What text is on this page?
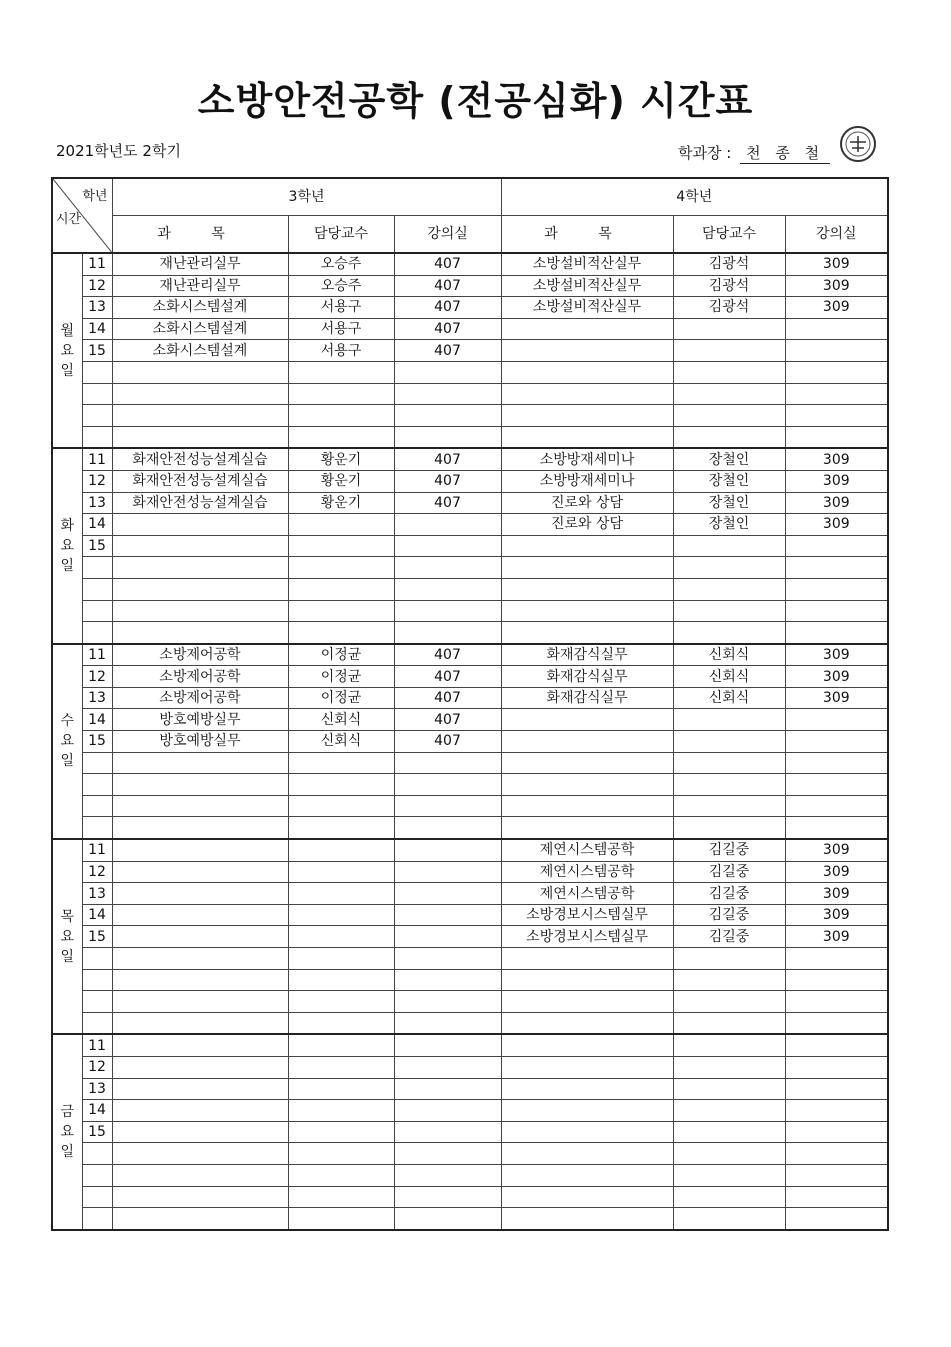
소방안전공학 (전공심화) 시간표
2021학년도 2학기	학과장 : 천 종 철
학년
시간		3학년			4학년		
		과 목	담당교수	강의실	과 목	담당교수	강의실

월
요
일	11	재난관리실무	오승주	407	소방설비적산실무	김광석	309
	12	재난관리실무	오승주	407	소방설비적산실무	김광석	309
	13	소화시스템설계	서용구	407	소방설비적산실무	김광석	309
	14	소화시스템설계	서용구	407			
	15	소화시스템설계	서용구	407			

화
요
일	11	화재안전성능설계실습	황운기	407	소방방재세미나	장철인	309
	12	화재안전성능설계실습	황운기	407	소방방재세미나	장철인	309
	13	화재안전성능설계실습	황운기	407	진로와 상담	장철인	309
	14				진로와 상담	장철인	309
	15						

수
요
일	11	소방제어공학	이정균	407	화재감식실무	신회식	309
	12	소방제어공학	이정균	407	화재감식실무	신회식	309
	13	소방제어공학	이정균	407	화재감식실무	신회식	309
	14	방호예방실무	신회식	407			
	15	방호예방실무	신회식	407			

목
요
일	11				제연시스템공학	김길중	309
	12				제연시스템공학	김길중	309
	13				제연시스템공학	김길중	309
	14				소방경보시스템실무	김길중	309
	15				소방경보시스템실무	김길중	309

금
요
일	11						
	12						
	13						
	14						
	15						
